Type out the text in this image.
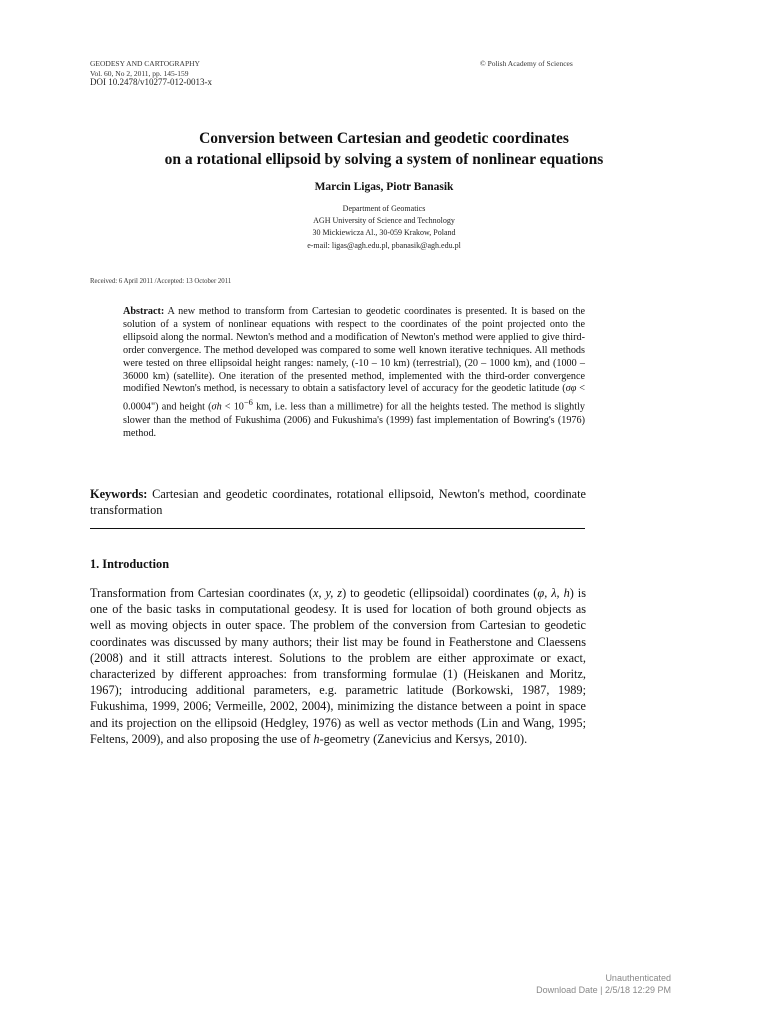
GEODESY AND CARTOGRAPHY
Vol. 60, No 2, 2011, pp. 145-159
DOI 10.2478/v10277-012-0013-x
© Polish Academy of Sciences
Conversion between Cartesian and geodetic coordinates
on a rotational ellipsoid by solving a system of nonlinear equations
Marcin Ligas, Piotr Banasik
Department of Geomatics
AGH University of Science and Technology
30 Mickiewicza Al., 30-059 Krakow, Poland
e-mail: ligas@agh.edu.pl, pbanasik@agh.edu.pl
Received: 6 April 2011 /Accepted: 13 October 2011
Abstract: A new method to transform from Cartesian to geodetic coordinates is presented. It is based on the solution of a system of nonlinear equations with respect to the coordinates of the point projected onto the ellipsoid along the normal. Newton's method and a modification of Newton's method were applied to give third-order convergence. The method developed was compared to some well known iterative techniques. All methods were tested on three ellipsoidal height ranges: namely, (-10 – 10 km) (terrestrial), (20 – 1000 km), and (1000 – 36000 km) (satellite). One iteration of the presented method, implemented with the third-order convergence modified Newton's method, is necessary to obtain a satisfactory level of accuracy for the geodetic latitude (σφ < 0.0004") and height ($\sigma h < 10^{-6}$ km, i.e. less than a millimetre) for all the heights tested. The method is slightly slower than the method of Fukushima (2006) and Fukushima's (1999) fast implementation of Bowring's (1976) method.
Keywords: Cartesian and geodetic coordinates, rotational ellipsoid, Newton's method, coordinate transformation
1. Introduction
Transformation from Cartesian coordinates (x, y, z) to geodetic (ellipsoidal) coordinates (φ, λ, h) is one of the basic tasks in computational geodesy. It is used for location of both ground objects as well as moving objects in outer space. The problem of the conversion from Cartesian to geodetic coordinates was discussed by many authors; their list may be found in Featherstone and Claessens (2008) and it still attracts interest. Solutions to the problem are either approximate or exact, characterized by different approaches: from transforming formulae (1) (Heiskanen and Moritz, 1967); introducing additional parameters, e.g. parametric latitude (Borkowski, 1987, 1989; Fukushima, 1999, 2006; Vermeille, 2002, 2004), minimizing the distance between a point in space and its projection on the ellipsoid (Hedgley, 1976) as well as vector methods (Lin and Wang, 1995; Feltens, 2009), and also proposing the use of h-geometry (Zanevicius and Kersys, 2010).
Unauthenticated
Download Date | 2/5/18 12:29 PM
